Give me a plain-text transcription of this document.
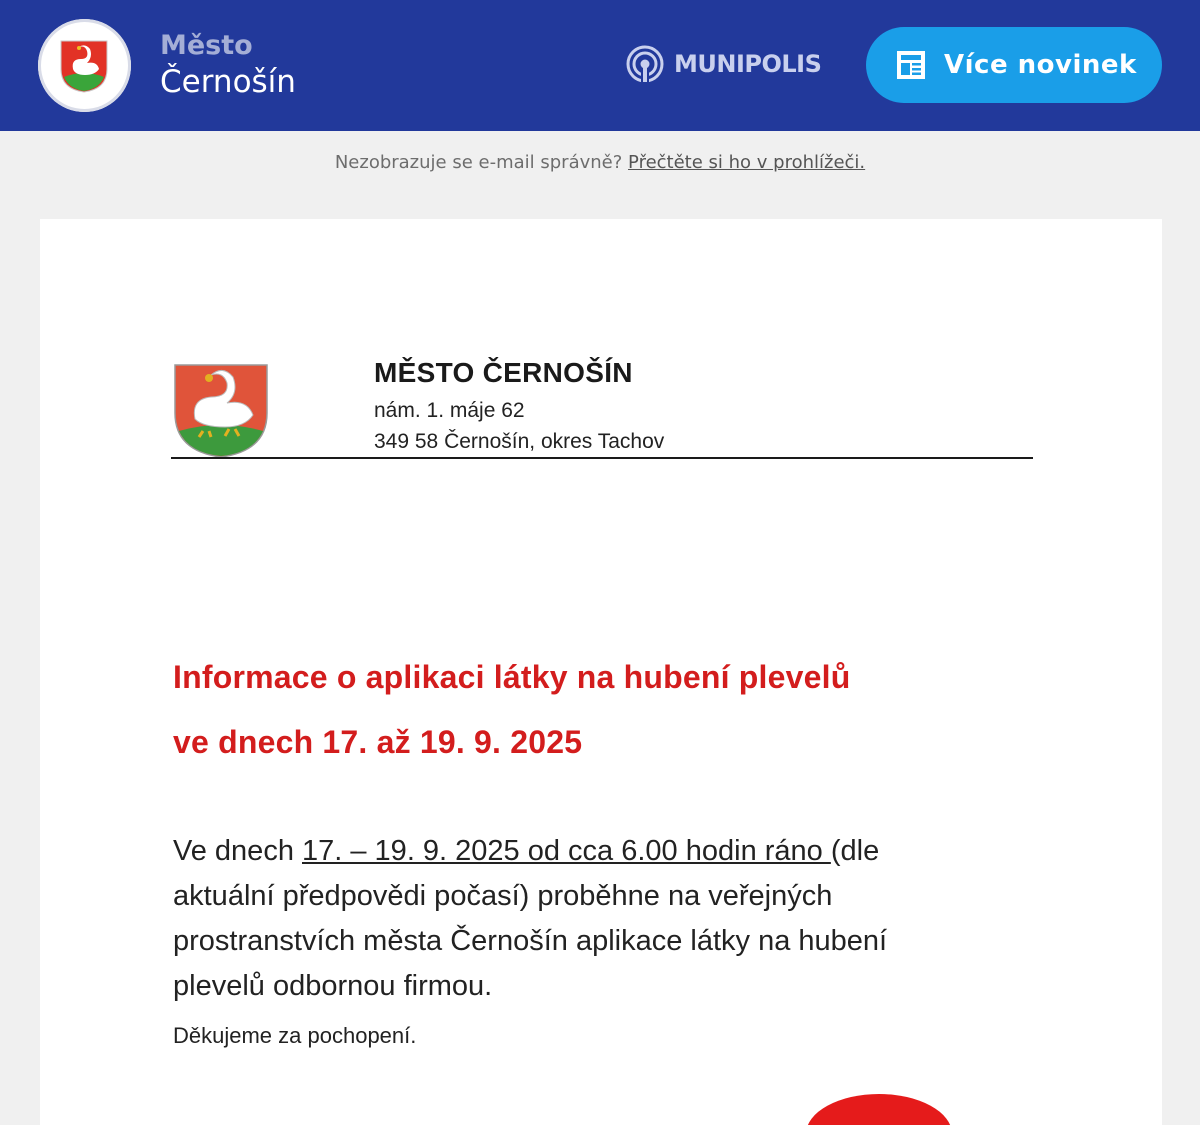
Město
Černošín	MUNIPOLIS	Více novinek
Nezobrazuje se e-mail správně? Přečtěte si ho v prohlížeči.
MĚSTO ČERNOŠÍN
nám. 1. máje 62
349 58 Černošín, okres Tachov
Informace o aplikaci látky na hubení plevelů
ve dnech 17. až 19. 9. 2025

Ve dnech 17. – 19. 9. 2025 od cca 6.00 hodin ráno (dle aktuální předpovědi počasí) proběhne na veřejných prostranstvích města Černošín aplikace látky na hubení plevelů odbornou firmou.

Děkujeme za pochopení.
